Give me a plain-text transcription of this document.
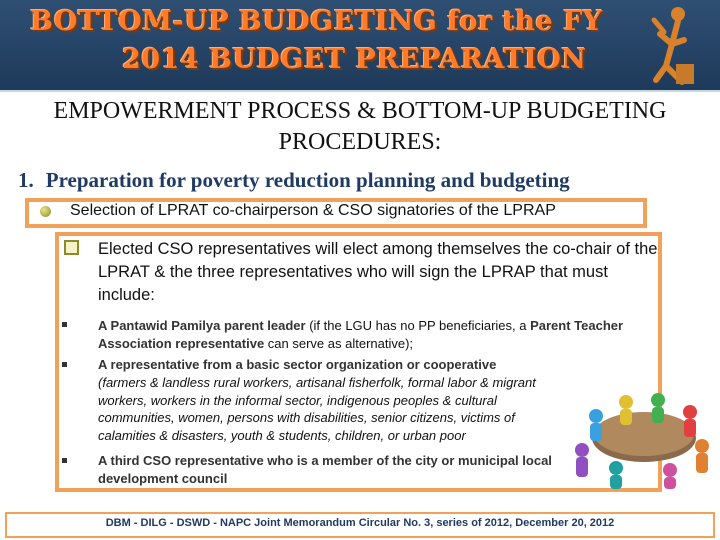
BOTTOM-UP BUDGETING for the FY
2014 BUDGET PREPARATION
EMPOWERMENT PROCESS & BOTTOM-UP BUDGETING
PROCEDURES:
1. Preparation for poverty reduction planning and budgeting
Selection of LPRAT co-chairperson & CSO signatories of the LPRAP
Elected CSO representatives will elect among themselves the co-chair of the LPRAT & the three representatives who will sign the LPRAP that must include:
A Pantawid Pamilya parent leader (if the LGU has no PP beneficiaries, a Parent Teacher Association representative can serve as alternative);
A representative from a basic sector organization or cooperative
(farmers & landless rural workers, artisanal fisherfolk, formal labor & migrant workers, workers in the informal sector, indigenous peoples & cultural communities, women, persons with disabilities, senior citizens, victims of calamities & disasters, youth & students, children, or urban poor
A third CSO representative who is a member of the city or municipal local development council
DBM - DILG - DSWD - NAPC Joint Memorandum Circular No. 3, series of 2012, December 20, 2012
